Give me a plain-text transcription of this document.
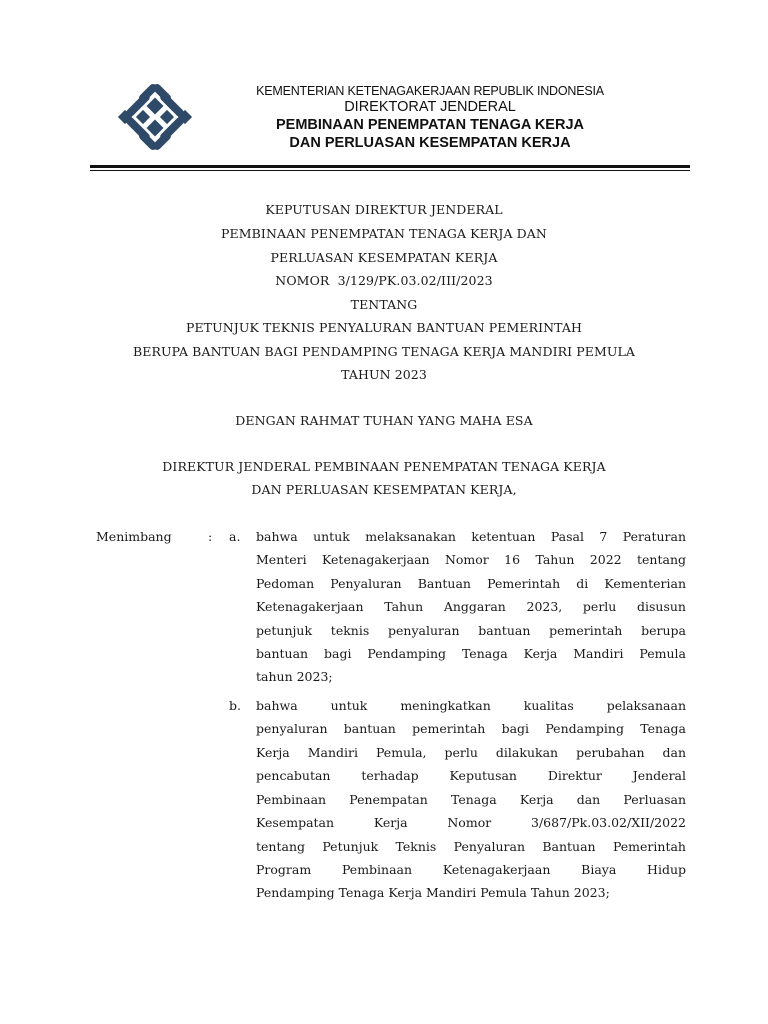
KEMENTERIAN KETENAGAKERJAAN REPUBLIK INDONESIA
DIREKTORAT JENDERAL
PEMBINAAN PENEMPATAN TENAGA KERJA
DAN PERLUASAN KESEMPATAN KERJA
KEPUTUSAN DIREKTUR JENDERAL
PEMBINAAN PENEMPATAN TENAGA KERJA DAN
PERLUASAN KESEMPATAN KERJA
NOMOR  3/129/PK.03.02/III/2023
TENTANG
PETUNJUK TEKNIS PENYALURAN BANTUAN PEMERINTAH
BERUPA BANTUAN BAGI PENDAMPING TENAGA KERJA MANDIRI PEMULA
TAHUN 2023
DENGAN RAHMAT TUHAN YANG MAHA ESA
DIREKTUR JENDERAL PEMBINAAN PENEMPATAN TENAGA KERJA
DAN PERLUASAN KESEMPATAN KERJA,
Menimbang	: a. bahwa untuk melaksanakan ketentuan Pasal 7 Peraturan
Menteri Ketenagakerjaan Nomor 16 Tahun 2022 tentang
Pedoman Penyaluran Bantuan Pemerintah di Kementerian
Ketenagakerjaan Tahun Anggaran 2023, perlu disusun
petunjuk teknis penyaluran bantuan pemerintah berupa
bantuan bagi Pendamping Tenaga Kerja Mandiri Pemula
tahun 2023;
b. bahwa untuk meningkatkan kualitas pelaksanaan
penyaluran bantuan pemerintah bagi Pendamping Tenaga
Kerja Mandiri Pemula, perlu dilakukan perubahan dan
pencabutan terhadap Keputusan Direktur Jenderal
Pembinaan Penempatan Tenaga Kerja dan Perluasan
Kesempatan Kerja Nomor 3/687/Pk.03.02/XII/2022
tentang Petunjuk Teknis Penyaluran Bantuan Pemerintah
Program Pembinaan Ketenagakerjaan Biaya Hidup
Pendamping Tenaga Kerja Mandiri Pemula Tahun 2023;
